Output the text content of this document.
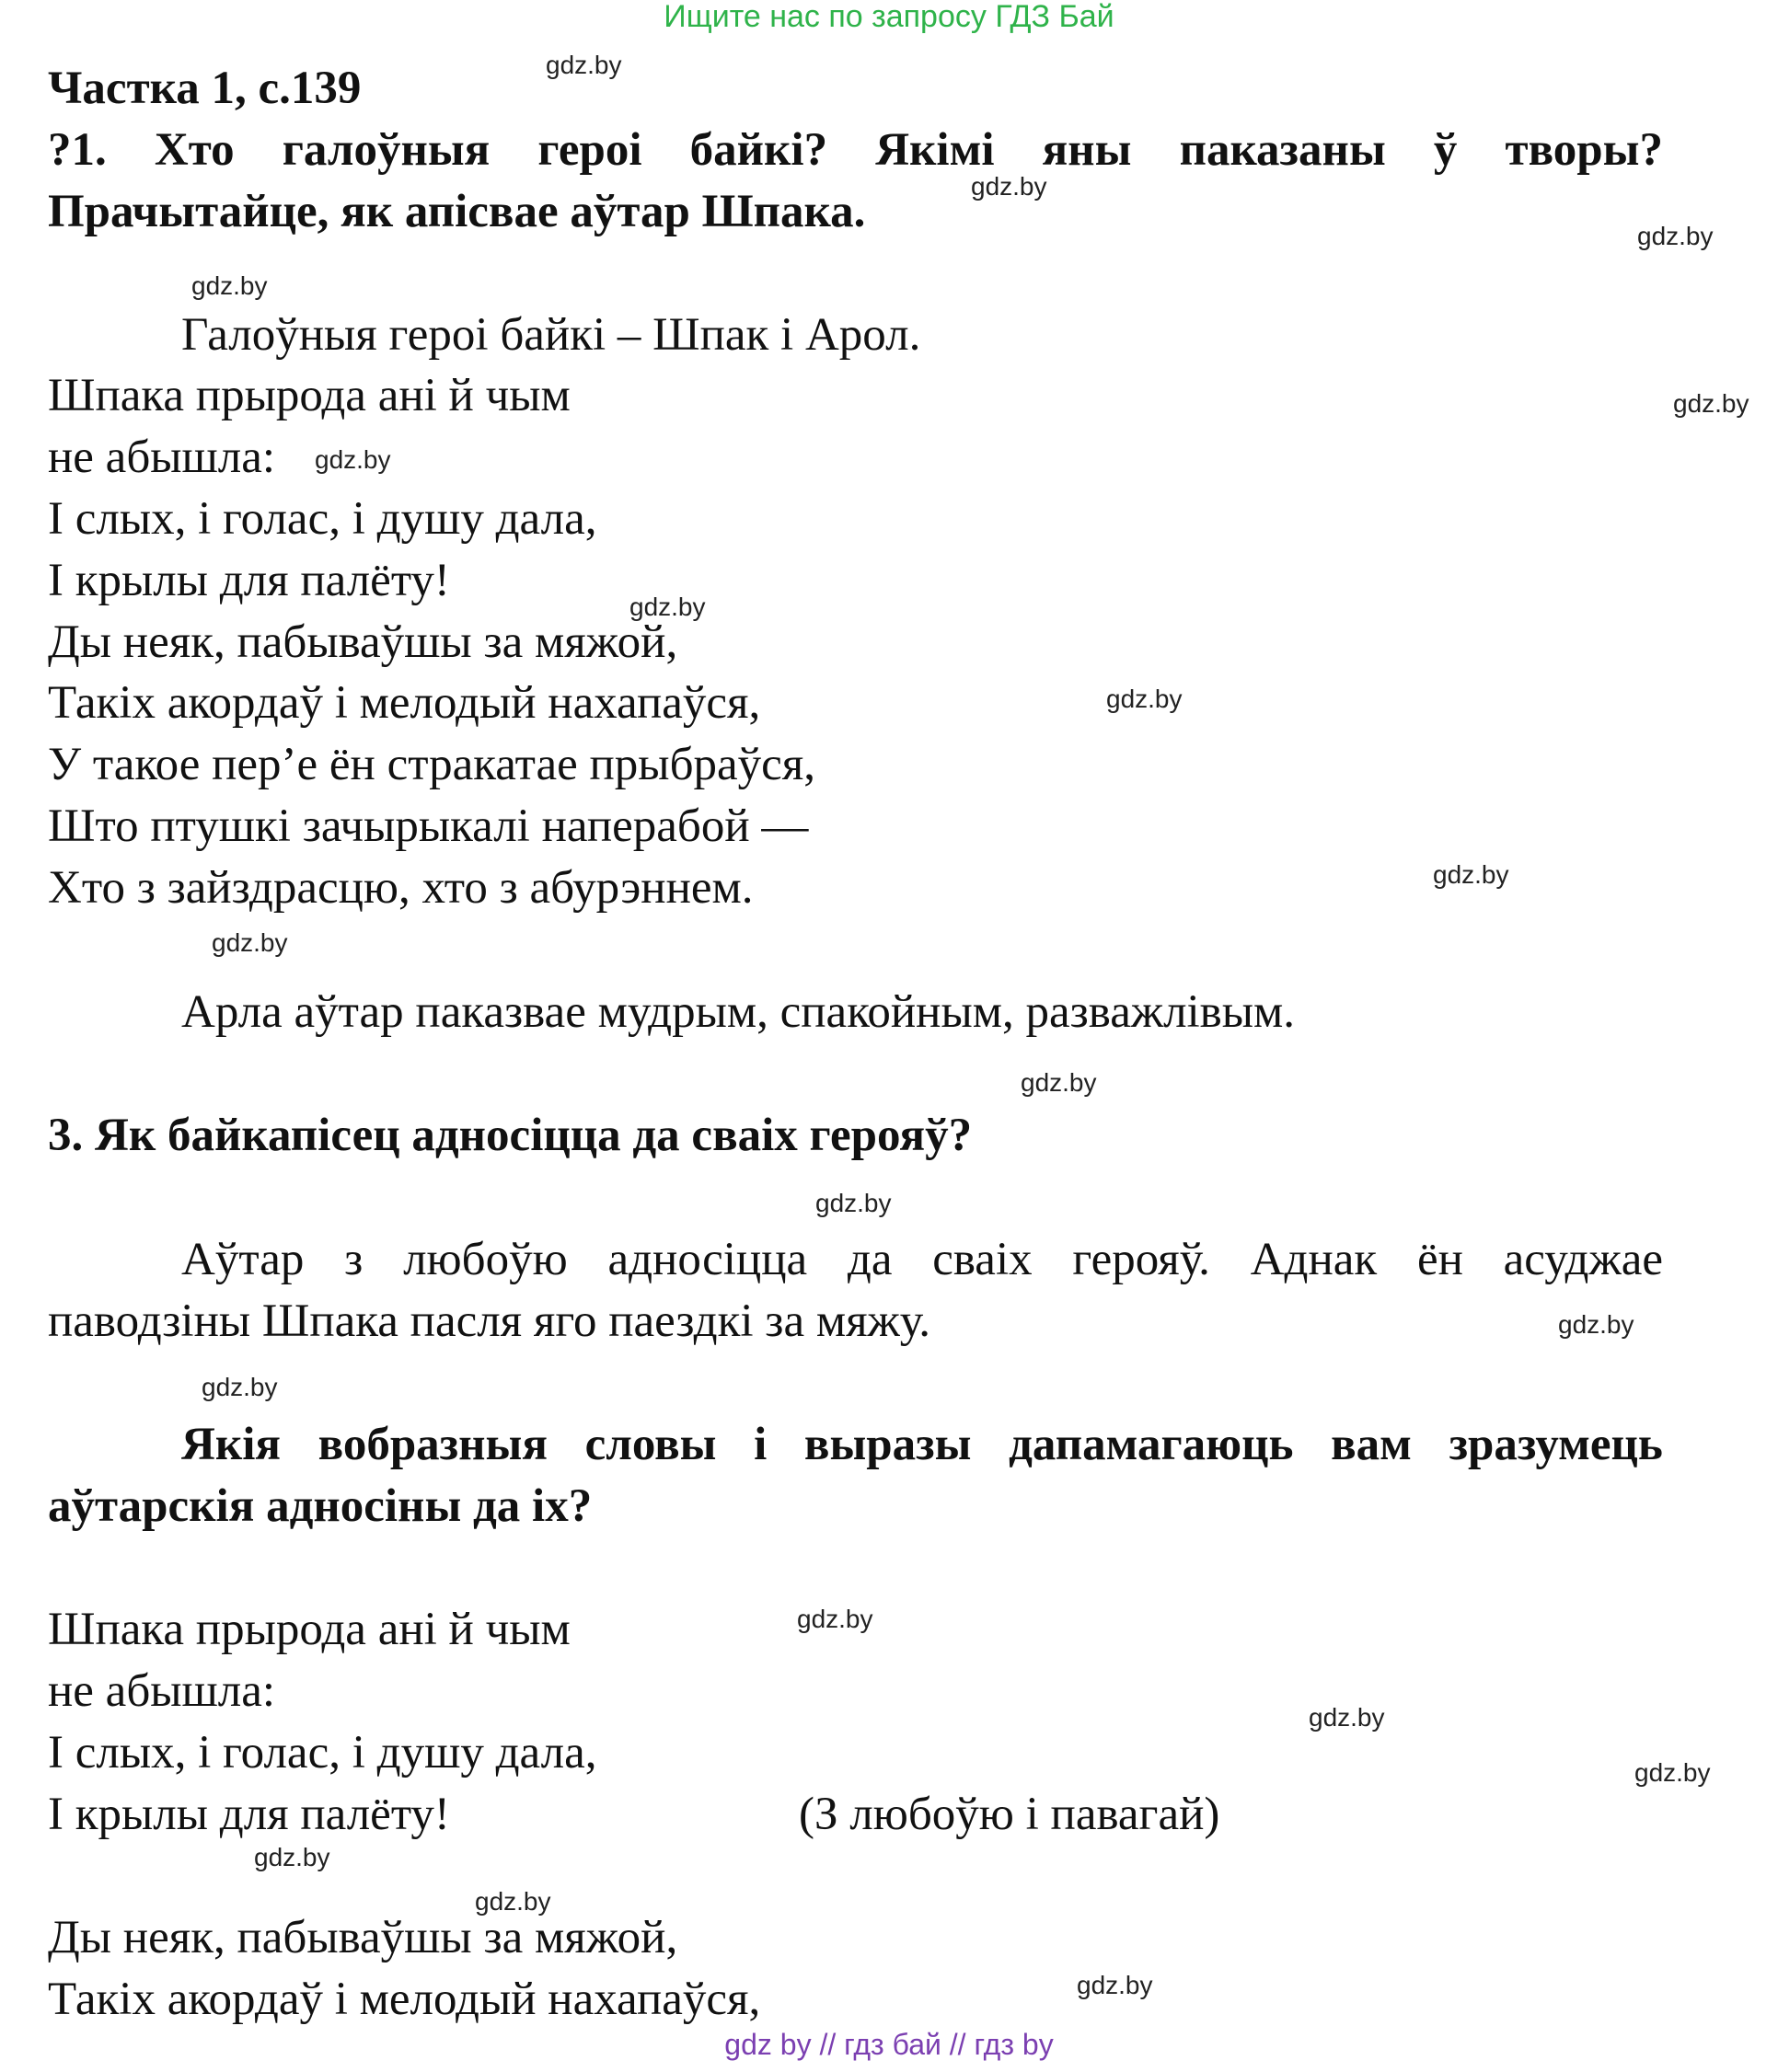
Ищите нас по запросу ГДЗ Бай
Частка 1, с.139
?1. Хто галоўныя героі байкі? Якімі яны паказаны ў творы?
Прачытайце, як апісвае аўтар Шпака.
Галоўныя героі байкі – Шпак і Арол.
Шпака прырода ані й чым
не абышла:
І слых, і голас, і душу дала,
І крылы для палёту!
Ды неяк, пабываўшы за мяжой,
Такіх акордаў і мелодый нахапаўся,
У такое пер’е ён стракатае прыбраўся,
Што птушкі зачырыкалі наперабой —
Хто з зайздрасцю, хто з абурэннем.
Арла аўтар паказвае мудрым, спакойным, разважлівым.
3. Як байкапісец адносіцца да сваіх герояў?
Аўтар з любоўю адносіцца да сваіх герояў. Аднак ён асуджае
паводзіны Шпака пасля яго паездкі за мяжу.
Якія вобразныя словы і выразы дапамагаюць вам зразумець
аўтарскія адносіны да іх?
Шпака прырода ані й чым
не абышла:
І слых, і голас, і душу дала,
І крылы для палёту!	(З любоўю і павагай)
Ды неяк, пабываўшы за мяжой,
Такіх акордаў і мелодый нахапаўся,
gdz.by
gdz.by
gdz.by
gdz.by
gdz.by
gdz.by
gdz.by
gdz.by
gdz.by
gdz.by
gdz.by
gdz.by
gdz.by
gdz.by
gdz.by
gdz.by
gdz.by
gdz.by
gdz.by
gdz.by
gdz by // гдз бай // гдз by
